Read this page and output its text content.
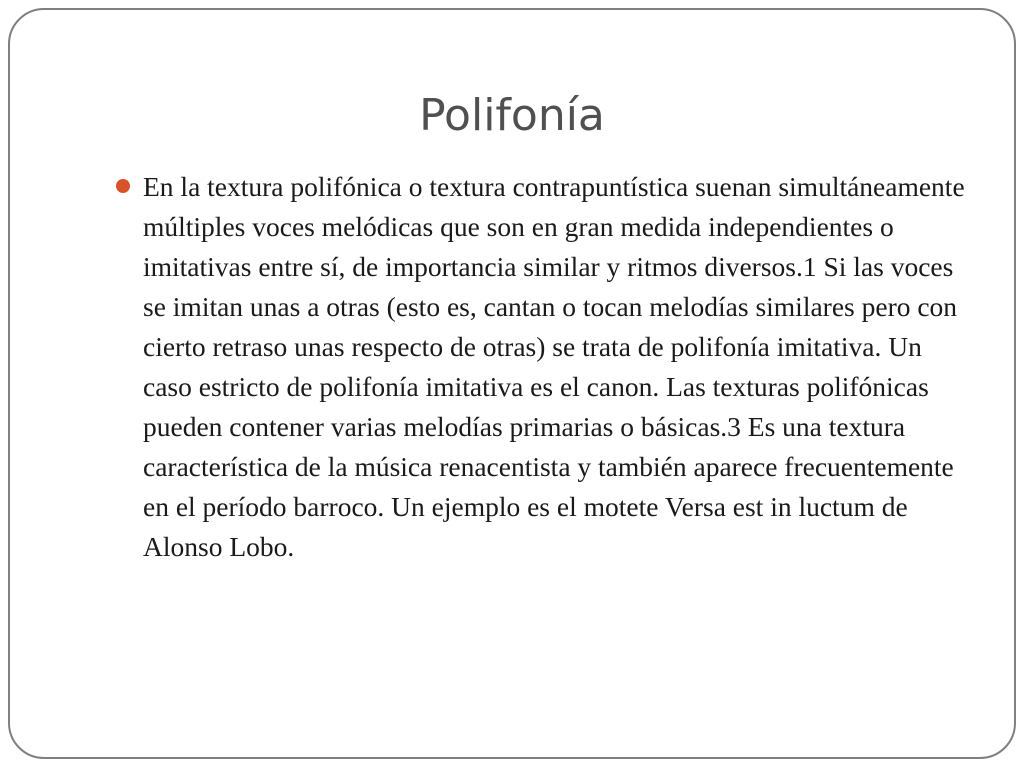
Polifonía

En la textura polifónica o textura contrapuntística suenan simultáneamente múltiples voces melódicas que son en gran medida independientes o imitativas entre sí, de importancia similar y ritmos diversos.1 Si las voces se imitan unas a otras (esto es, cantan o tocan melodías similares pero con cierto retraso unas respecto de otras) se trata de polifonía imitativa. Un caso estricto de polifonía imitativa es el canon. Las texturas polifónicas pueden contener varias melodías primarias o básicas.3 Es una textura característica de la música renacentista y también aparece frecuentemente en el período barroco. Un ejemplo es el motete Versa est in luctum de Alonso Lobo.
